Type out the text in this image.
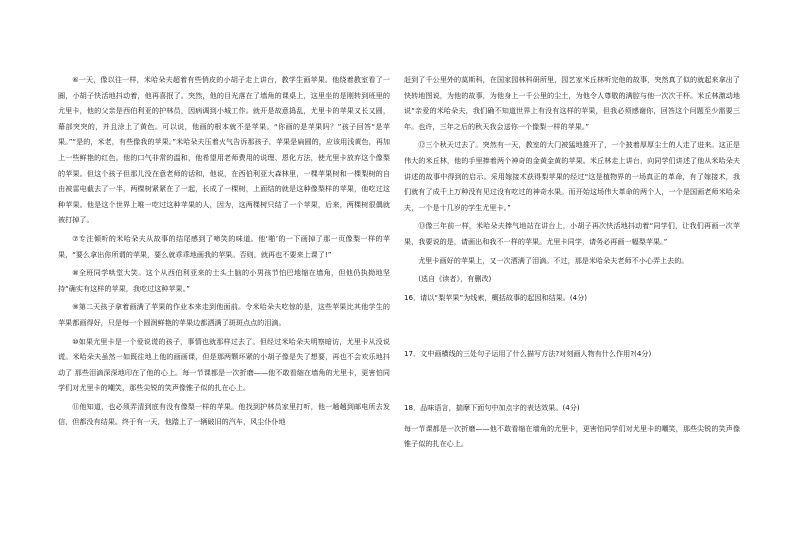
⑥一天，像以往一样，米哈朵夫超着有些俏皮的小胡子走上讲台，教学生画苹果。他绕着教室看了一圈，小胡子快活地抖动着，他再喜抿了。突然，他的目光落在了墙角的课桌上，这里坐的是刚转到班里的尤里卡，他的父亲是西伯利亚的护林员，因病调到小城工作。就开是故意捣乱，尤里卡的苹果又长又圆，幕部突突的，并且涂上了黄色。可以说，他画的根本就不是苹果。“你画的是苹果吗？”孩子回答“是苹果。”“是的，米老，有些像我的苹果。”米哈朵夫压着火气告诉那孩子，苹果是扁圆的，应该用浅黄色，再加上一些鲜艳的红色。他的口气非常的温和，他希望用老师费用的说理、恩化方法，使尤里卡放弃这个像梨的苹果。但这个孩子但那儿没在意老师的话和，他说，在西伯利亚大森林里，一棵苹果树和一棵梨树的自由被雷电截去了一半，两棵树紧紧在了一起，长成了一棵树，上面结的就是这种像梨样的苹果，他吃过这种苹果。他是这个世界上唯一吃过这种苹果的人，因为，这两棵树只结了一个苹果，后来，两棵树很偶就被打掉了。

⑦专注倾听的米哈朵夫从故事的结尾感到了啼笑的味道。他‘啪’的一下画掉了那一页像梨一样的苹果，“要么拿出你所谓的苹果，要么就乖乖地画我的苹果。否则，就再也不要来上课了!”

⑧全班同学哄堂大笑。这个从西伯利亚来的土头土脑的小男孩节怕巴地缩在墙角，但他仍执拗地坚持“确实有这样的苹果，我吃过这种苹果。”

⑨第二天孩子拿着画满了苹果的作业本来走到他面前。令米哈朵夫吃惊的是，这些苹果比其他学生的苹果都画得好，只是每一个圆润鲜艳的苹果边都洒满了斑斑点点的泪滴。

⑩如果尤里卡是一个爱说谎的孩子，事情也就那样过去了。但经过米哈朵夫明察暗访，尤里卡从没说谎。米哈朵夫虽然一如既往地上他的画画课，但是那两颗坏紧的小胡子像是失了想要，再也不会欢乐地抖动了 那些泪滴深深地印在了他的心上。每一节课都是一次折磨——他不敢看缩在墙角的尤里卡，更害怕同学们对尤里卡的嘲笑，那些尖锐的笑声像锥子似的扎在心上。

⑪他知道，也必须弄清到底有没有像梨一样的苹果。他找到护林员家里打听，他一趟趟到邮电所去发信，但都没有结果。终于有一天，他踏上了一辆破旧的汽车，风尘仆仆地

赶到了千公里外的莫斯科，在国家园林科研所里，园艺家米丘林听完他的故事，突然真了似的就起来拿出了快转地图说，为他的故事，为他身上一千公里的尘土，为他令人尊敬的满腔与他一次次干杯。米丘林激动地说“亲爱的米哈朵夫，我们确不知道世界上有没有这样的苹果，但我必须感谢你，回答这个问题至少需要三年。也许，三年之后的秋天我会送你一个像梨一样的苹果。”

⑫三个秋天过去了。突然有一天，教室的大门被猛地推开了，一个披着厚厚尘土的人走了进来。这正是伟大的米丘林，他的手里捧着两个神奇的金黄金黄的苹果。米丘林走上讲台，向同学们讲述了他从米哈朵夫讲述的故事中得到的启示。采用嫁接术获得梨苹果的经过“这是植物界的一场真正的革命，有了嫁接术，我们就有了成千上万种没有见过没有吃过的神奇水果。而开始这场伟大革命的两个人，一个是国画老师米哈朵夫，一个是十几岁的学生尤里卡。”

⑬像三年前一样，米哈朵夫捧气地站在讲台上，小胡子再次快活地抖动着“同学们，让我们再画一次苹果，我要说的是，请画出和我不一样的苹果。尤里卡同学，请务必再画一幅梨苹果。”

尤里卡画好的苹果上，又一次洒满了泪滴。不过，那是米哈朵夫老师不小心弄上去的。

(选自《读者》，有删改)

16．请以“梨苹果”为线索，概括故事的起因和结果。(4分)

17．文中画横线的三处句子运用了什么描写方法?对刻画人物有什么作用?(4分)

18．品味语言，揣摩下面句中加点字的表达效果。(4分)

每一节课都是一次折磨——他不敢看缩在墙角的尤里卡，更害怕同学们对尤里卡的嘲笑，那些尖锐的笑声像锥子似的扎在心上。
